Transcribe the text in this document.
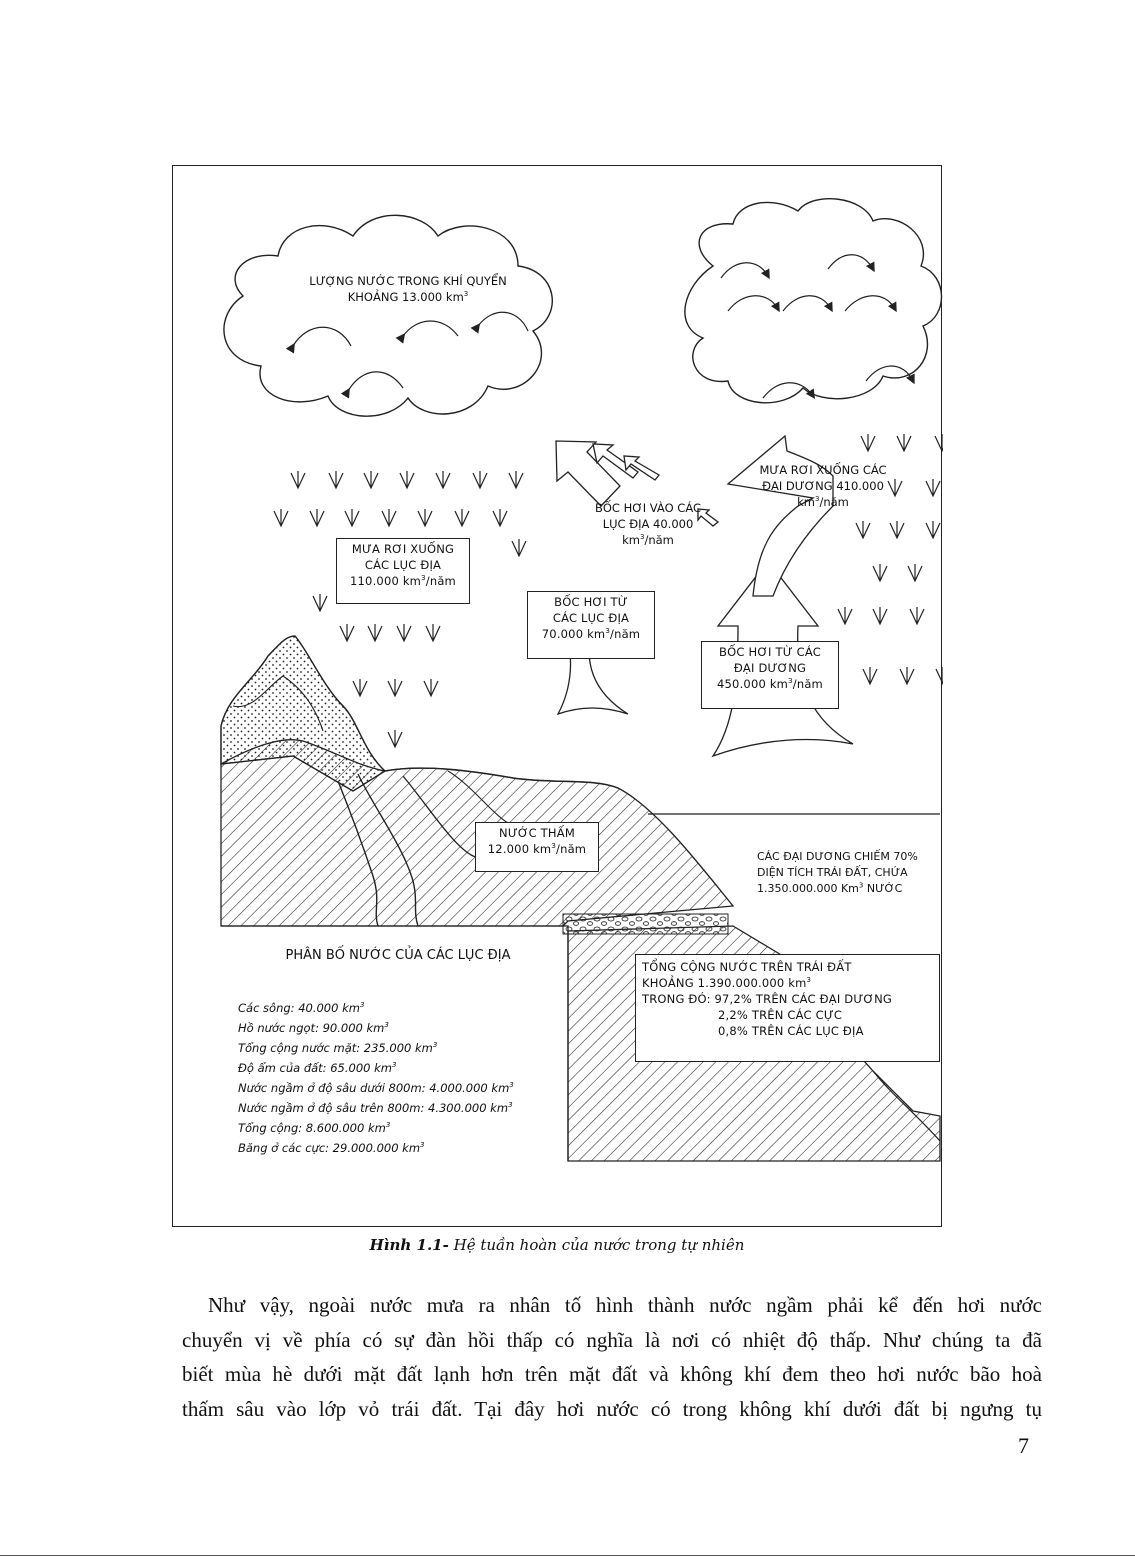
LƯỢNG NƯỚC TRONG KHÍ QUYỂN KHOẢNG 13.000 $km^3$
MƯA RƠI XUỐNG
CÁC LỤC ĐỊA
110.000 $km^3$/năm
BỐC HƠI VÀO CÁC LỤC ĐỊA 40.000 $km^3$/năm
BỐC HƠI TỪ
CÁC LỤC ĐỊA
70.000 $km^3$/năm
MƯA RƠI XUỐNG CÁC ĐẠI DƯƠNG 410.000 $km^3$/năm
BỐC HƠI TỪ CÁC
ĐẠI DƯƠNG
450.000 $km^3$/năm
NƯỚC THẤM
12.000 $km^3$/năm
CÁC ĐẠI DƯƠNG CHIẾM 70% DIỆN TÍCH TRÁI ĐẤT, CHỨA 1.350.000.000 Km$^3$ NƯỚC
TỔNG CỘNG NƯỚC TRÊN TRÁI ĐẤT
KHOẢNG 1.390.000.000 $km^3$
TRONG ĐÓ: 97,2% TRÊN CÁC ĐẠI DƯƠNG
2,2% TRÊN CÁC CỰC
0,8% TRÊN CÁC LỤC ĐỊA
PHÂN BỐ NƯỚC CỦA CÁC LỤC ĐỊA
Các sông: 40.000 $km^3$
Hồ nước ngọt: 90.000 $km^3$
Tổng cộng nước mặt: 235.000 $km^3$
Độ ẩm của đất: 65.000 $km^3$
Nước ngầm ở độ sâu dưới 800m: 4.000.000 $km^3$
Nước ngầm ở độ sâu trên 800m: 4.300.000 $km^3$
Tổng cộng: 8.600.000 $km^3$
Băng ở các cực: 29.000.000 $km^3$
Hình 1.1- Hệ tuần hoàn của nước trong tự nhiên
Như vậy, ngoài nước mưa ra nhân tố hình thành nước ngầm phải kể đến hơi nước
chuyển vị về phía có sự đàn hồi thấp có nghĩa là nơi có nhiệt độ thấp. Như chúng ta đã
biết mùa hè dưới mặt đất lạnh hơn trên mặt đất và không khí đem theo hơi nước bão hoà
thấm sâu vào lớp vỏ trái đất. Tại đây hơi nước có trong không khí dưới đất bị ngưng tụ
7
